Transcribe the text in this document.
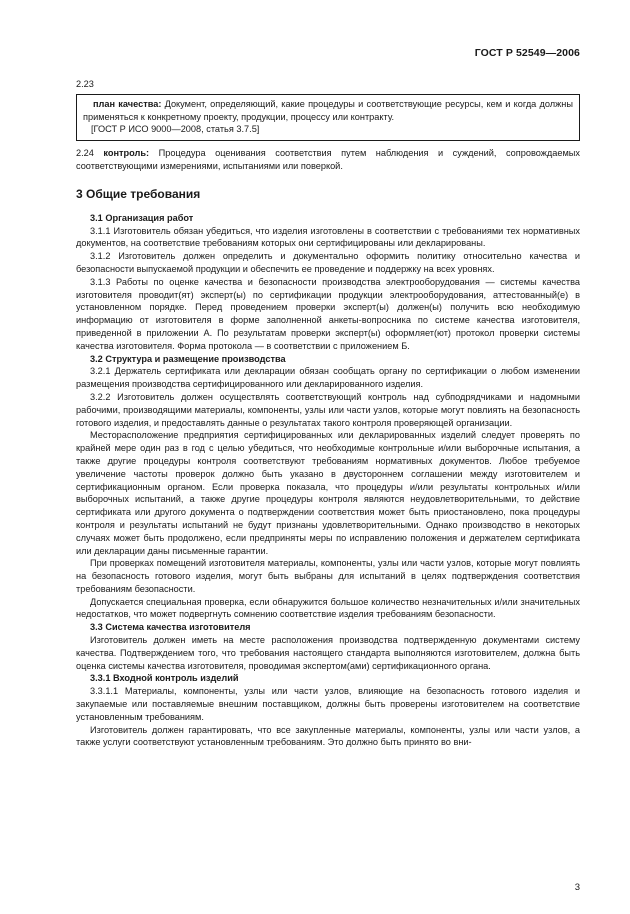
ГОСТ Р 52549—2006

2.23

план качества: Документ, определяющий, какие процедуры и соответствующие ресурсы, кем и когда должны применяться к конкретному проекту, продукции, процессу или контракту.

[ГОСТ Р ИСО 9000—2008, статья 3.7.5]

2.24 контроль: Процедура оценивания соответствия путем наблюдения и суждений, сопровождаемых соответствующими измерениями, испытаниями или поверкой.

3 Общие требования

3.1 Организация работ

3.1.1 Изготовитель обязан убедиться, что изделия изготовлены в соответствии с требованиями тех нормативных документов, на соответствие требованиям которых они сертифицированы или декларированы.

3.1.2 Изготовитель должен определить и документально оформить политику относительно качества и безопасности выпускаемой продукции и обеспечить ее проведение и поддержку на всех уровнях.

3.1.3 Работы по оценке качества и безопасности производства электрооборудования — системы качества изготовителя проводит(ят) эксперт(ы) по сертификации продукции электрооборудования, аттестованный(е) в установленном порядке. Перед проведением проверки эксперт(ы) должен(ы) получить всю необходимую информацию от изготовителя в форме заполненной анкеты-вопросника по системе качества изготовителя, приведенной в приложении А. По результатам проверки эксперт(ы) оформляет(ют) протокол проверки системы качества изготовителя. Форма протокола — в соответствии с приложением Б.

3.2 Структура и размещение производства

3.2.1 Держатель сертификата или декларации обязан сообщать органу по сертификации о любом изменении размещения производства сертифицированного или декларированного изделия.

3.2.2 Изготовитель должен осуществлять соответствующий контроль над субподрядчиками и надомными рабочими, производящими материалы, компоненты, узлы или части узлов, которые могут повлиять на безопасность готового изделия, и предоставлять данные о результатах такого контроля проверяющей организации.

Месторасположение предприятия сертифицированных или декларированных изделий следует проверять по крайней мере один раз в год с целью убедиться, что необходимые контрольные и/или выборочные испытания, а также другие процедуры контроля соответствуют требованиям нормативных документов. Любое требуемое увеличение частоты проверок должно быть указано в двустороннем соглашении между изготовителем и сертификационным органом. Если проверка показала, что процедуры и/или результаты контрольных и/или выборочных испытаний, а также другие процедуры контроля являются неудовлетворительными, то действие сертификата или другого документа о подтверждении соответствия может быть приостановлено, пока процедуры контроля и результаты испытаний не будут признаны удовлетворительными. Однако производство в некоторых случаях может быть продолжено, если предприняты меры по исправлению положения и держателем сертификата или декларации даны письменные гарантии.

При проверках помещений изготовителя материалы, компоненты, узлы или части узлов, которые могут повлиять на безопасность готового изделия, могут быть выбраны для испытаний в целях подтверждения соответствия требованиям безопасности.

Допускается специальная проверка, если обнаружится большое количество незначительных и/или значительных недостатков, что может подвергнуть сомнению соответствие изделия требованиям безопасности.

3.3 Система качества изготовителя

Изготовитель должен иметь на месте расположения производства подтвержденную документами систему качества. Подтверждением того, что требования настоящего стандарта выполняются изготовителем, должна быть оценка системы качества изготовителя, проводимая экспертом(ами) сертификационного органа.

3.3.1 Входной контроль изделий

3.3.1.1 Материалы, компоненты, узлы или части узлов, влияющие на безопасность готового изделия и закупаемые или поставляемые внешним поставщиком, должны быть проверены изготовителем на соответствие установленным требованиям.

Изготовитель должен гарантировать, что все закупленные материалы, компоненты, узлы или части узлов, а также услуги соответствуют установленным требованиям. Это должно быть принято во вни-

3
